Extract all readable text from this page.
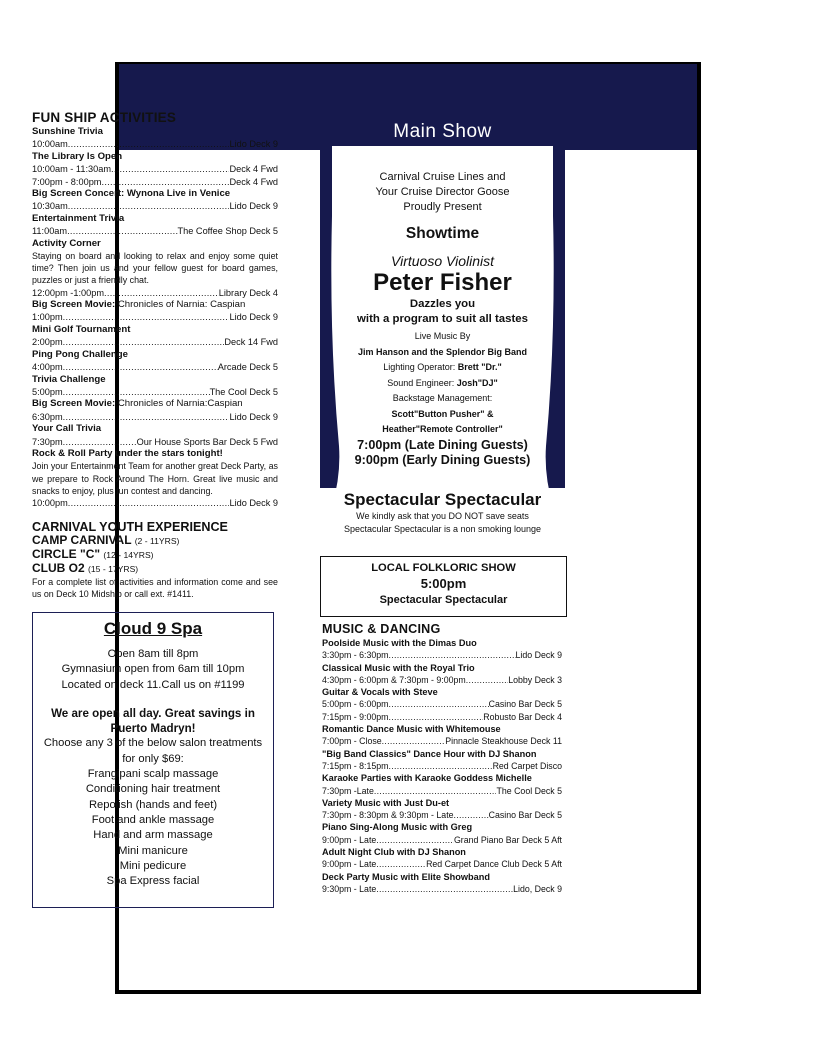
FUN SHIP ACTIVITIES
Sunshine Trivia
10:00am .....	Lido Deck 9
The Library Is Open
10:00am - 11:30am .....	Deck 4 Fwd
7:00pm - 8:00pm .....	Deck 4 Fwd
Big Screen Concert: Wynona Live in Venice
10:30am .....	Lido Deck 9
Entertainment Trivia
11:00am .....	The Coffee Shop Deck 5
Activity Corner
Staying on board and looking to relax and enjoy some quiet time? Then join us and your fellow guest for board games, puzzles or just a friendly chat.
12:00pm -1:00pm .....	Library Deck 4
Big Screen Movie: Chronicles of Narnia: Caspian
1:00pm .....	Lido Deck 9
Mini Golf Tournament
2:00pm .....	Deck 14 Fwd
Ping Pong Challenge
4:00pm .....	Arcade Deck 5
Trivia Challenge
5:00pm .....	The Cool Deck 5
Big Screen Movie: Chronicles of Narnia:Caspian
6:30pm .....	Lido Deck 9
Your Call Trivia
7:30pm .....	Our House Sports Bar Deck 5 Fwd
Rock & Roll Party under the stars tonight!
Join your Entertainment Team for another great Deck Party, as we prepare to Rock Around The Horn. Great live music and snacks to enjoy, plus fun contest and dancing.
10:00pm .....	Lido Deck 9
CARNIVAL YOUTH EXPERIENCE
CAMP CARNIVAL (2 - 11YRS)
CIRCLE "C" (12 - 14YRS)
CLUB O2 (15 - 17YRS)
For a complete list of activities and information come and see us on Deck 10 Midship or call ext. #1411.
Cloud 9 Spa
Open 8am till 8pm
Gymnasium open from 6am till 10pm
Located on deck 11.Call us on #1199
We are open all day. Great savings in
Puerto Madryn!
Choose any 3 of the below salon treatments
for only $69:
Frangipani scalp massage
Conditioning hair treatment
Repolish (hands and feet)
Foot and ankle massage
Hand and arm massage
Mini manicure
Mini pedicure
Spa Express facial
Main Show
Carnival Cruise Lines and
Your Cruise Director Goose
Proudly Present
Showtime
Virtuoso Violinist
Peter Fisher
Dazzles you
with a program to suit all tastes
Live Music By
Jim Hanson and the Splendor Big Band
Lighting Operator: Brett "Dr."
Sound Engineer: Josh"DJ"
Backstage Management:
Scott"Button Pusher" &
Heather"Remote Controller"
7:00pm (Late Dining Guests)
9:00pm (Early Dining Guests)
Spectacular Spectacular
We kindly ask that you DO NOT save seats
Spectacular Spectacular is a non smoking lounge
LOCAL FOLKLORIC SHOW
5:00pm
Spectacular Spectacular
MUSIC & DANCING
Poolside Music with the Dimas Duo
3:30pm - 6:30pm .....	Lido Deck 9
Classical Music with the Royal Trio
4:30pm - 6:00pm & 7:30pm - 9:00pm .....	Lobby Deck 3
Guitar & Vocals with Steve
5:00pm - 6:00pm .....	Casino Bar Deck 5
7:15pm - 9:00pm .....	Robusto Bar Deck 4
Romantic Dance Music with Whitemouse
7:00pm - Close .....	Pinnacle Steakhouse Deck 11
"Big Band Classics" Dance Hour with DJ Shanon
7:15pm - 8:15pm .....	Red Carpet Disco
Karaoke Parties with Karaoke Goddess Michelle
7:30pm -Late .....	The Cool Deck 5
Variety Music with Just Du-et
7:30pm - 8:30pm & 9:30pm - Late .....	Casino Bar Deck 5
Piano Sing-Along Music with Greg
9:00pm - Late .....	Grand Piano Bar Deck 5 Aft
Adult Night Club with DJ Shanon
9:00pm - Late .....	Red Carpet Dance Club Deck 5 Aft
Deck Party Music with Elite Showband
9:30pm - Late .....	Lido, Deck 9
